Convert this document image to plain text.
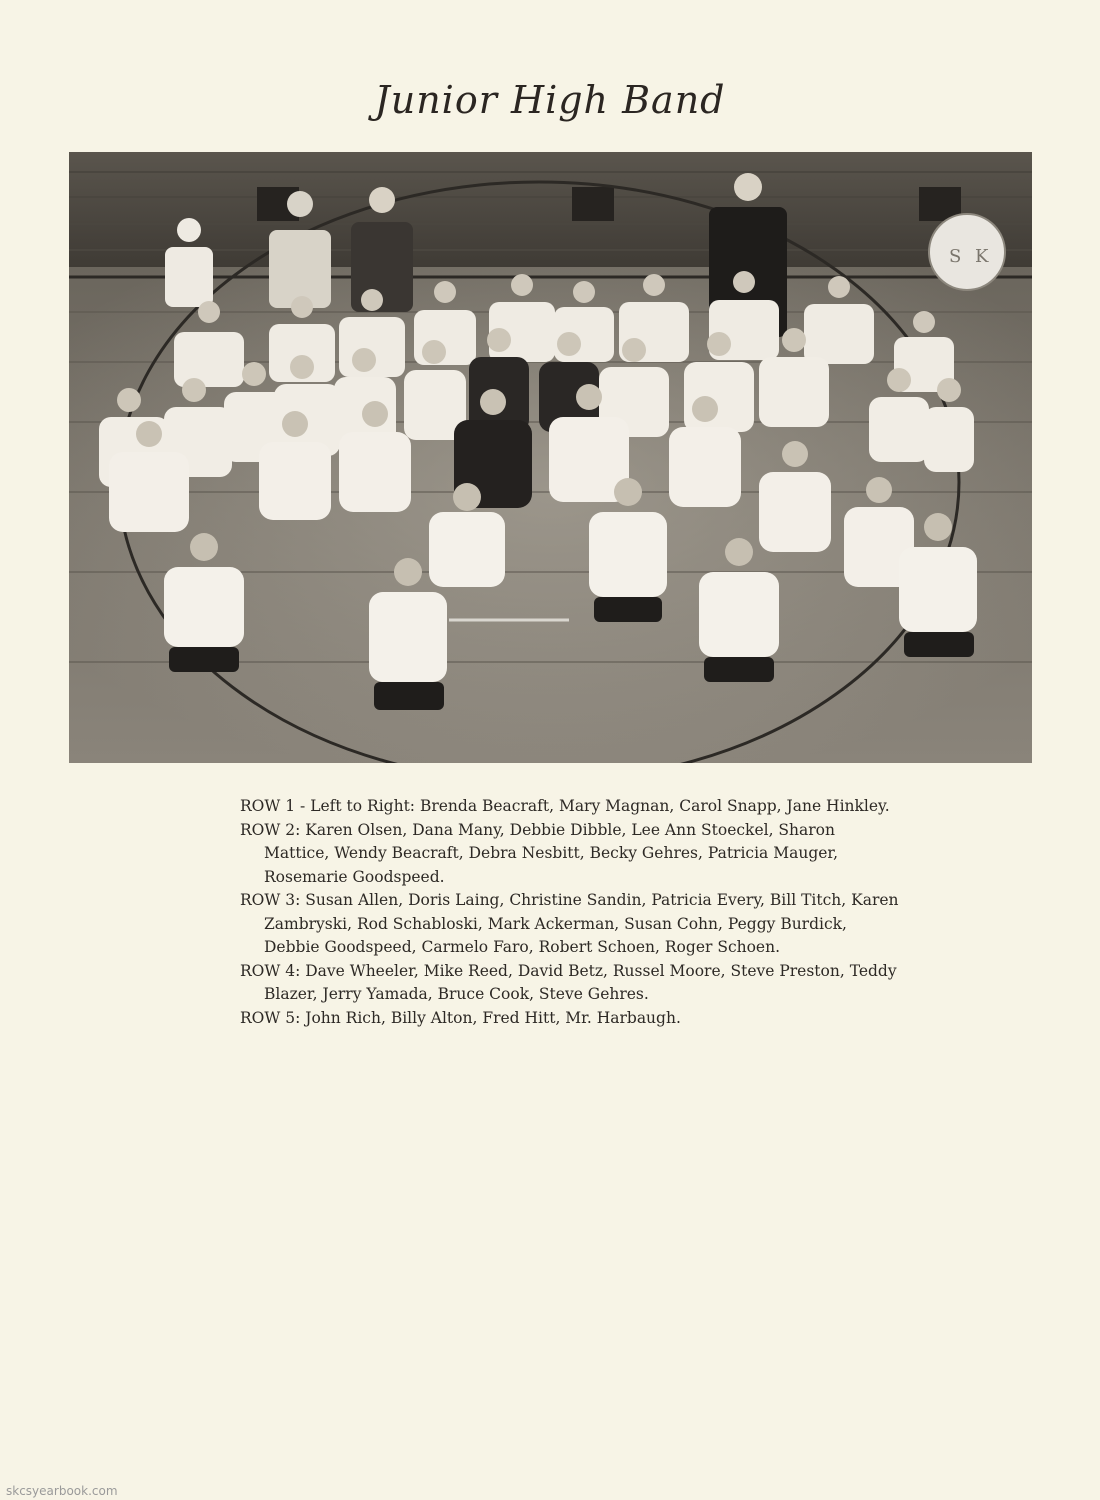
Junior High Band
S K

ROW 1 - Left to Right: Brenda Beacraft, Mary Magnan, Carol Snapp, Jane Hinkley.

ROW 2: Karen Olsen, Dana Many, Debbie Dibble, Lee Ann Stoeckel, Sharon Mattice, Wendy Beacraft, Debra Nesbitt, Becky Gehres, Patricia Mauger, Rosemarie Goodspeed.

ROW 3: Susan Allen, Doris Laing, Christine Sandin, Patricia Every, Bill Titch, Karen Zambryski, Rod Schabloski, Mark Ackerman, Susan Cohn, Peggy Burdick, Debbie Goodspeed, Carmelo Faro, Robert Schoen, Roger Schoen.

ROW 4: Dave Wheeler, Mike Reed, David Betz, Russel Moore, Steve Preston, Teddy Blazer, Jerry Yamada, Bruce Cook, Steve Gehres.

ROW 5: John Rich, Billy Alton, Fred Hitt, Mr. Harbaugh.

skcsyearbook.com
